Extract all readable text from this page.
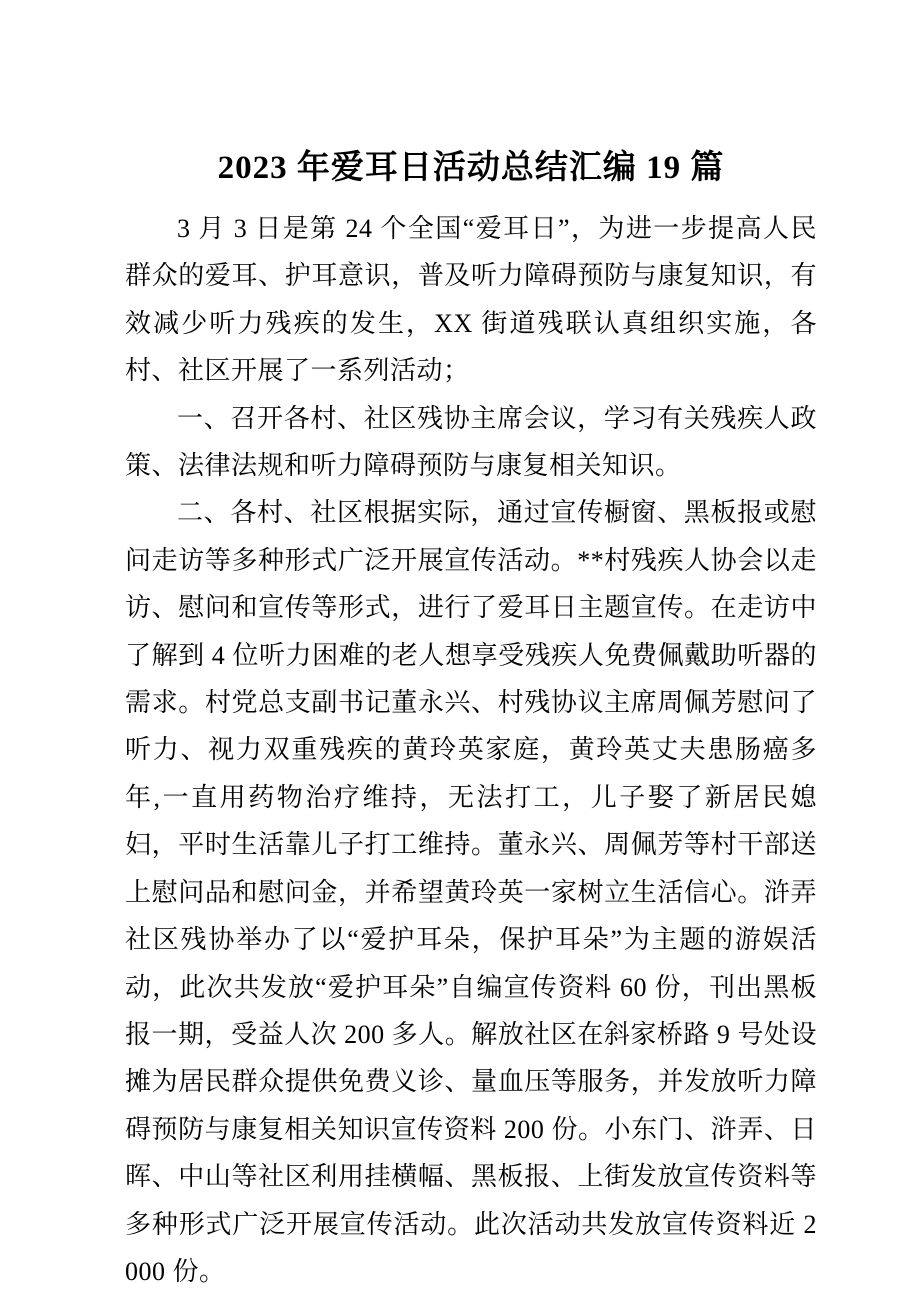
2023 年爱耳日活动总结汇编 19 篇

3 月 3 日是第 24 个全国“爱耳日”，为进一步提高人民群众的爱耳、护耳意识，普及听力障碍预防与康复知识，有效减少听力残疾的发生，XX 街道残联认真组织实施，各村、社区开展了一系列活动；

一、召开各村、社区残协主席会议，学习有关残疾人政策、法律法规和听力障碍预防与康复相关知识。

二、各村、社区根据实际，通过宣传橱窗、黑板报或慰问走访等多种形式广泛开展宣传活动。**村残疾人协会以走访、慰问和宣传等形式，进行了爱耳日主题宣传。在走访中了解到 4 位听力困难的老人想享受残疾人免费佩戴助听器的需求。村党总支副书记董永兴、村残协议主席周佩芳慰问了听力、视力双重残疾的黄玲英家庭，黄玲英丈夫患肠癌多年,一直用药物治疗维持，无法打工，儿子娶了新居民媳妇，平时生活靠儿子打工维持。董永兴、周佩芳等村干部送上慰问品和慰问金，并希望黄玲英一家树立生活信心。浒弄社区残协举办了以“爱护耳朵，保护耳朵”为主题的游娱活动，此次共发放“爱护耳朵”自编宣传资料 60 份，刊出黑板报一期，受益人次 200 多人。解放社区在斜家桥路 9 号处设摊为居民群众提供免费义诊、量血压等服务，并发放听力障碍预防与康复相关知识宣传资料 200 份。小东门、浒弄、日晖、中山等社区利用挂横幅、黑板报、上街发放宣传资料等多种形式广泛开展宣传活动。此次活动共发放宣传资料近 2000 份。
